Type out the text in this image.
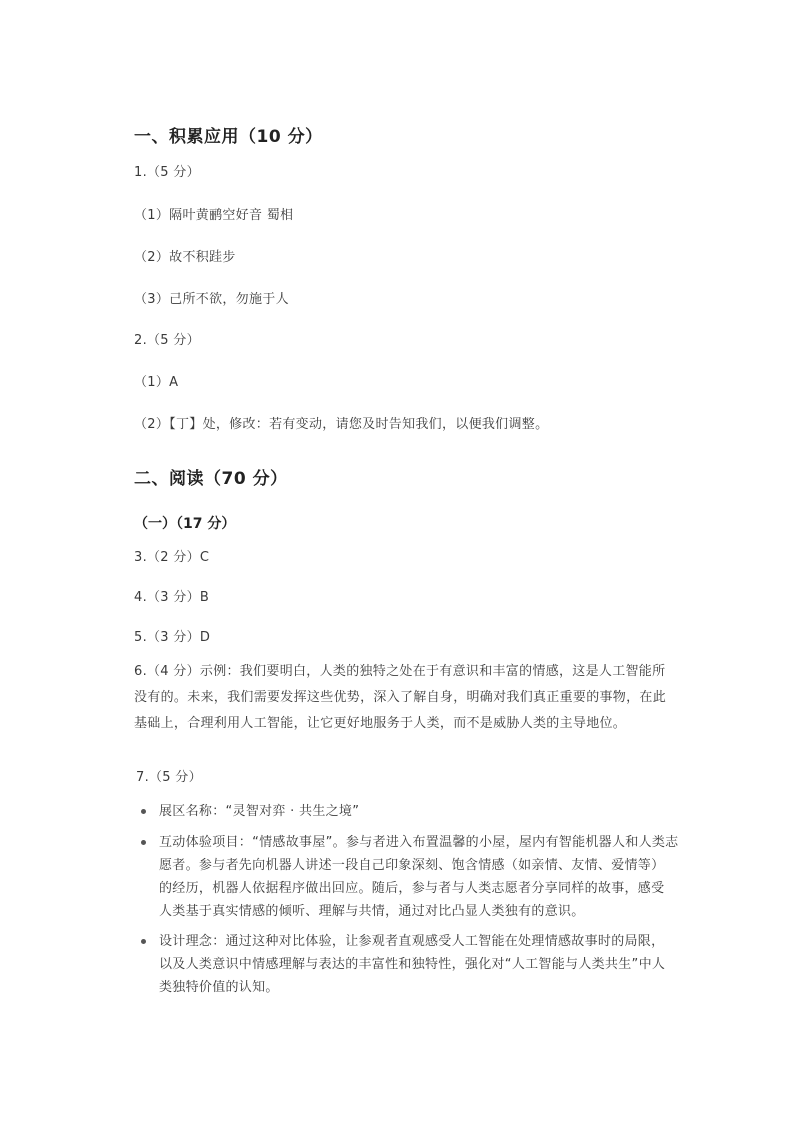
一、积累应用（10 分）
1.（5 分）
（1）隔叶黄鹂空好音 蜀相
（2）故不积跬步
（3）己所不欲，勿施于人
2.（5 分）
（1）A
（2）【丁】处，修改：若有变动，请您及时告知我们，以便我们调整。
二、阅读（70 分）
（一）（17 分）
3.（2 分）C
4.（3 分）B
5.（3 分）D
6.（4 分）示例：我们要明白，人类的独特之处在于有意识和丰富的情感，这是人工智能所
没有的。未来，我们需要发挥这些优势，深入了解自身，明确对我们真正重要的事物，在此
基础上，合理利用人工智能，让它更好地服务于人类，而不是威胁人类的主导地位。
7.（5 分）
展区名称：“灵智对弈 · 共生之境”
互动体验项目：“情感故事屋”。参与者进入布置温馨的小屋，屋内有智能机器人和人类志
愿者。参与者先向机器人讲述一段自己印象深刻、饱含情感（如亲情、友情、爱情等）
的经历，机器人依据程序做出回应。随后，参与者与人类志愿者分享同样的故事，感受
人类基于真实情感的倾听、理解与共情，通过对比凸显人类独有的意识。
设计理念：通过这种对比体验，让参观者直观感受人工智能在处理情感故事时的局限，
以及人类意识中情感理解与表达的丰富性和独特性，强化对“人工智能与人类共生”中人
类独特价值的认知。
